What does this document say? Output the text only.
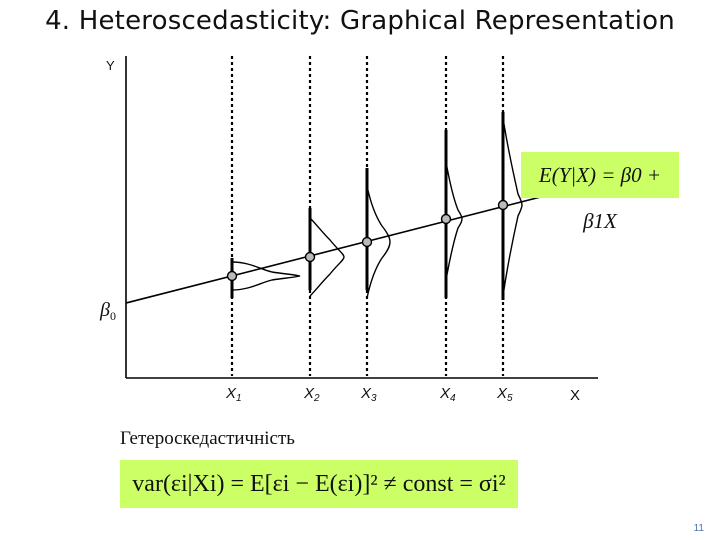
4. Heteroscedasticity: Graphical Representation
Y
X
$\beta_0$
$X_1$	$X_2$	$X_3$	$X_4$	$X_5$
E(Y|X) = β0 + β1X
Гетероскедастичність
var(εi|Xi) = E[εi − E(εi)]² ≠ const = σi²
11
